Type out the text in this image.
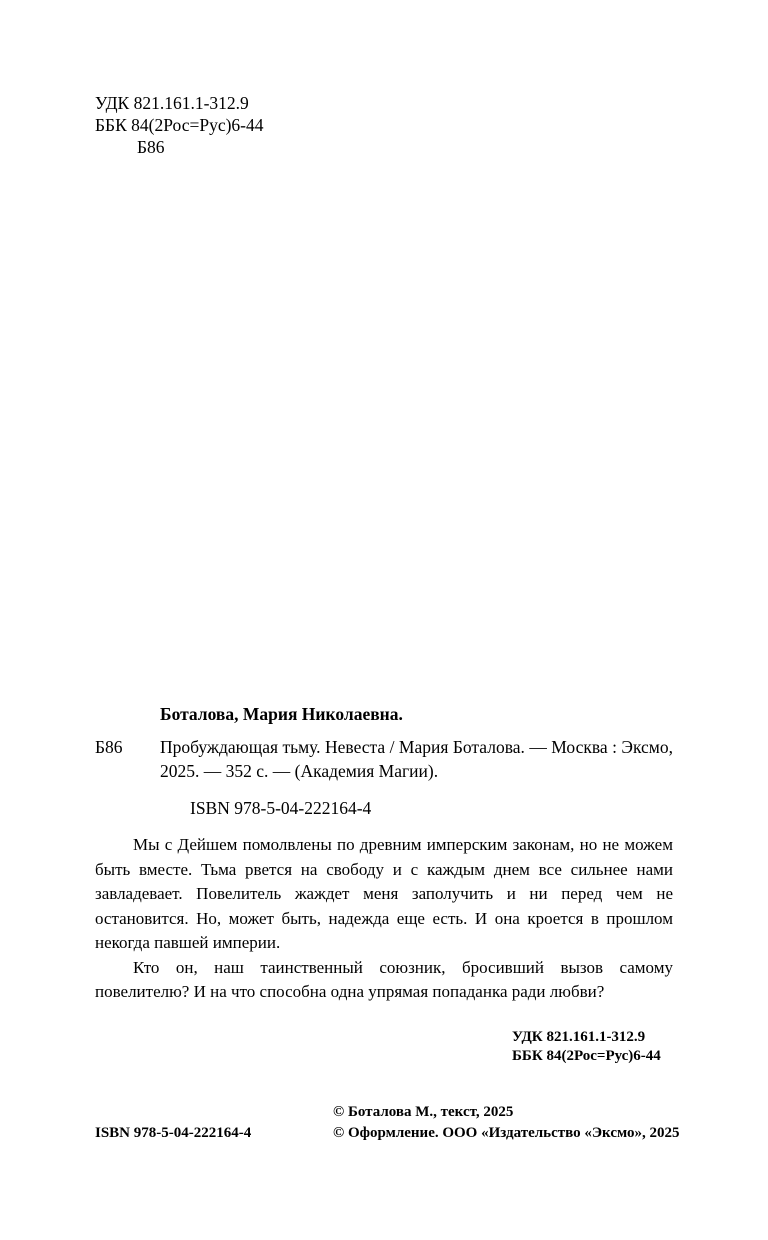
УДК 821.161.1-312.9
ББК 84(2Рос=Рус)6-44
Б86
Боталова, Мария Николаевна.
Б86 Пробуждающая тьму. Невеста / Мария Боталова. — Москва : Эксмо, 2025. — 352 с. — (Академия Магии).
ISBN 978-5-04-222164-4

Мы с Дейшем помолвлены по древним имперским законам, но не можем быть вместе. Тьма рвется на свободу и с каждым днем все сильнее нами завладевает. Повелитель жаждет меня заполучить и ни перед чем не остановится. Но, может быть, надежда еще есть. И она кроется в прошлом некогда павшей империи.

Кто он, наш таинственный союзник, бросивший вызов самому повелителю? И на что способна одна упрямая попаданка ради любви?

УДК 821.161.1-312.9
ББК 84(2Рос=Рус)6-44
ISBN 978-5-04-222164-4
© Боталова М., текст, 2025
© Оформление. ООО «Издательство «Эксмо», 2025
